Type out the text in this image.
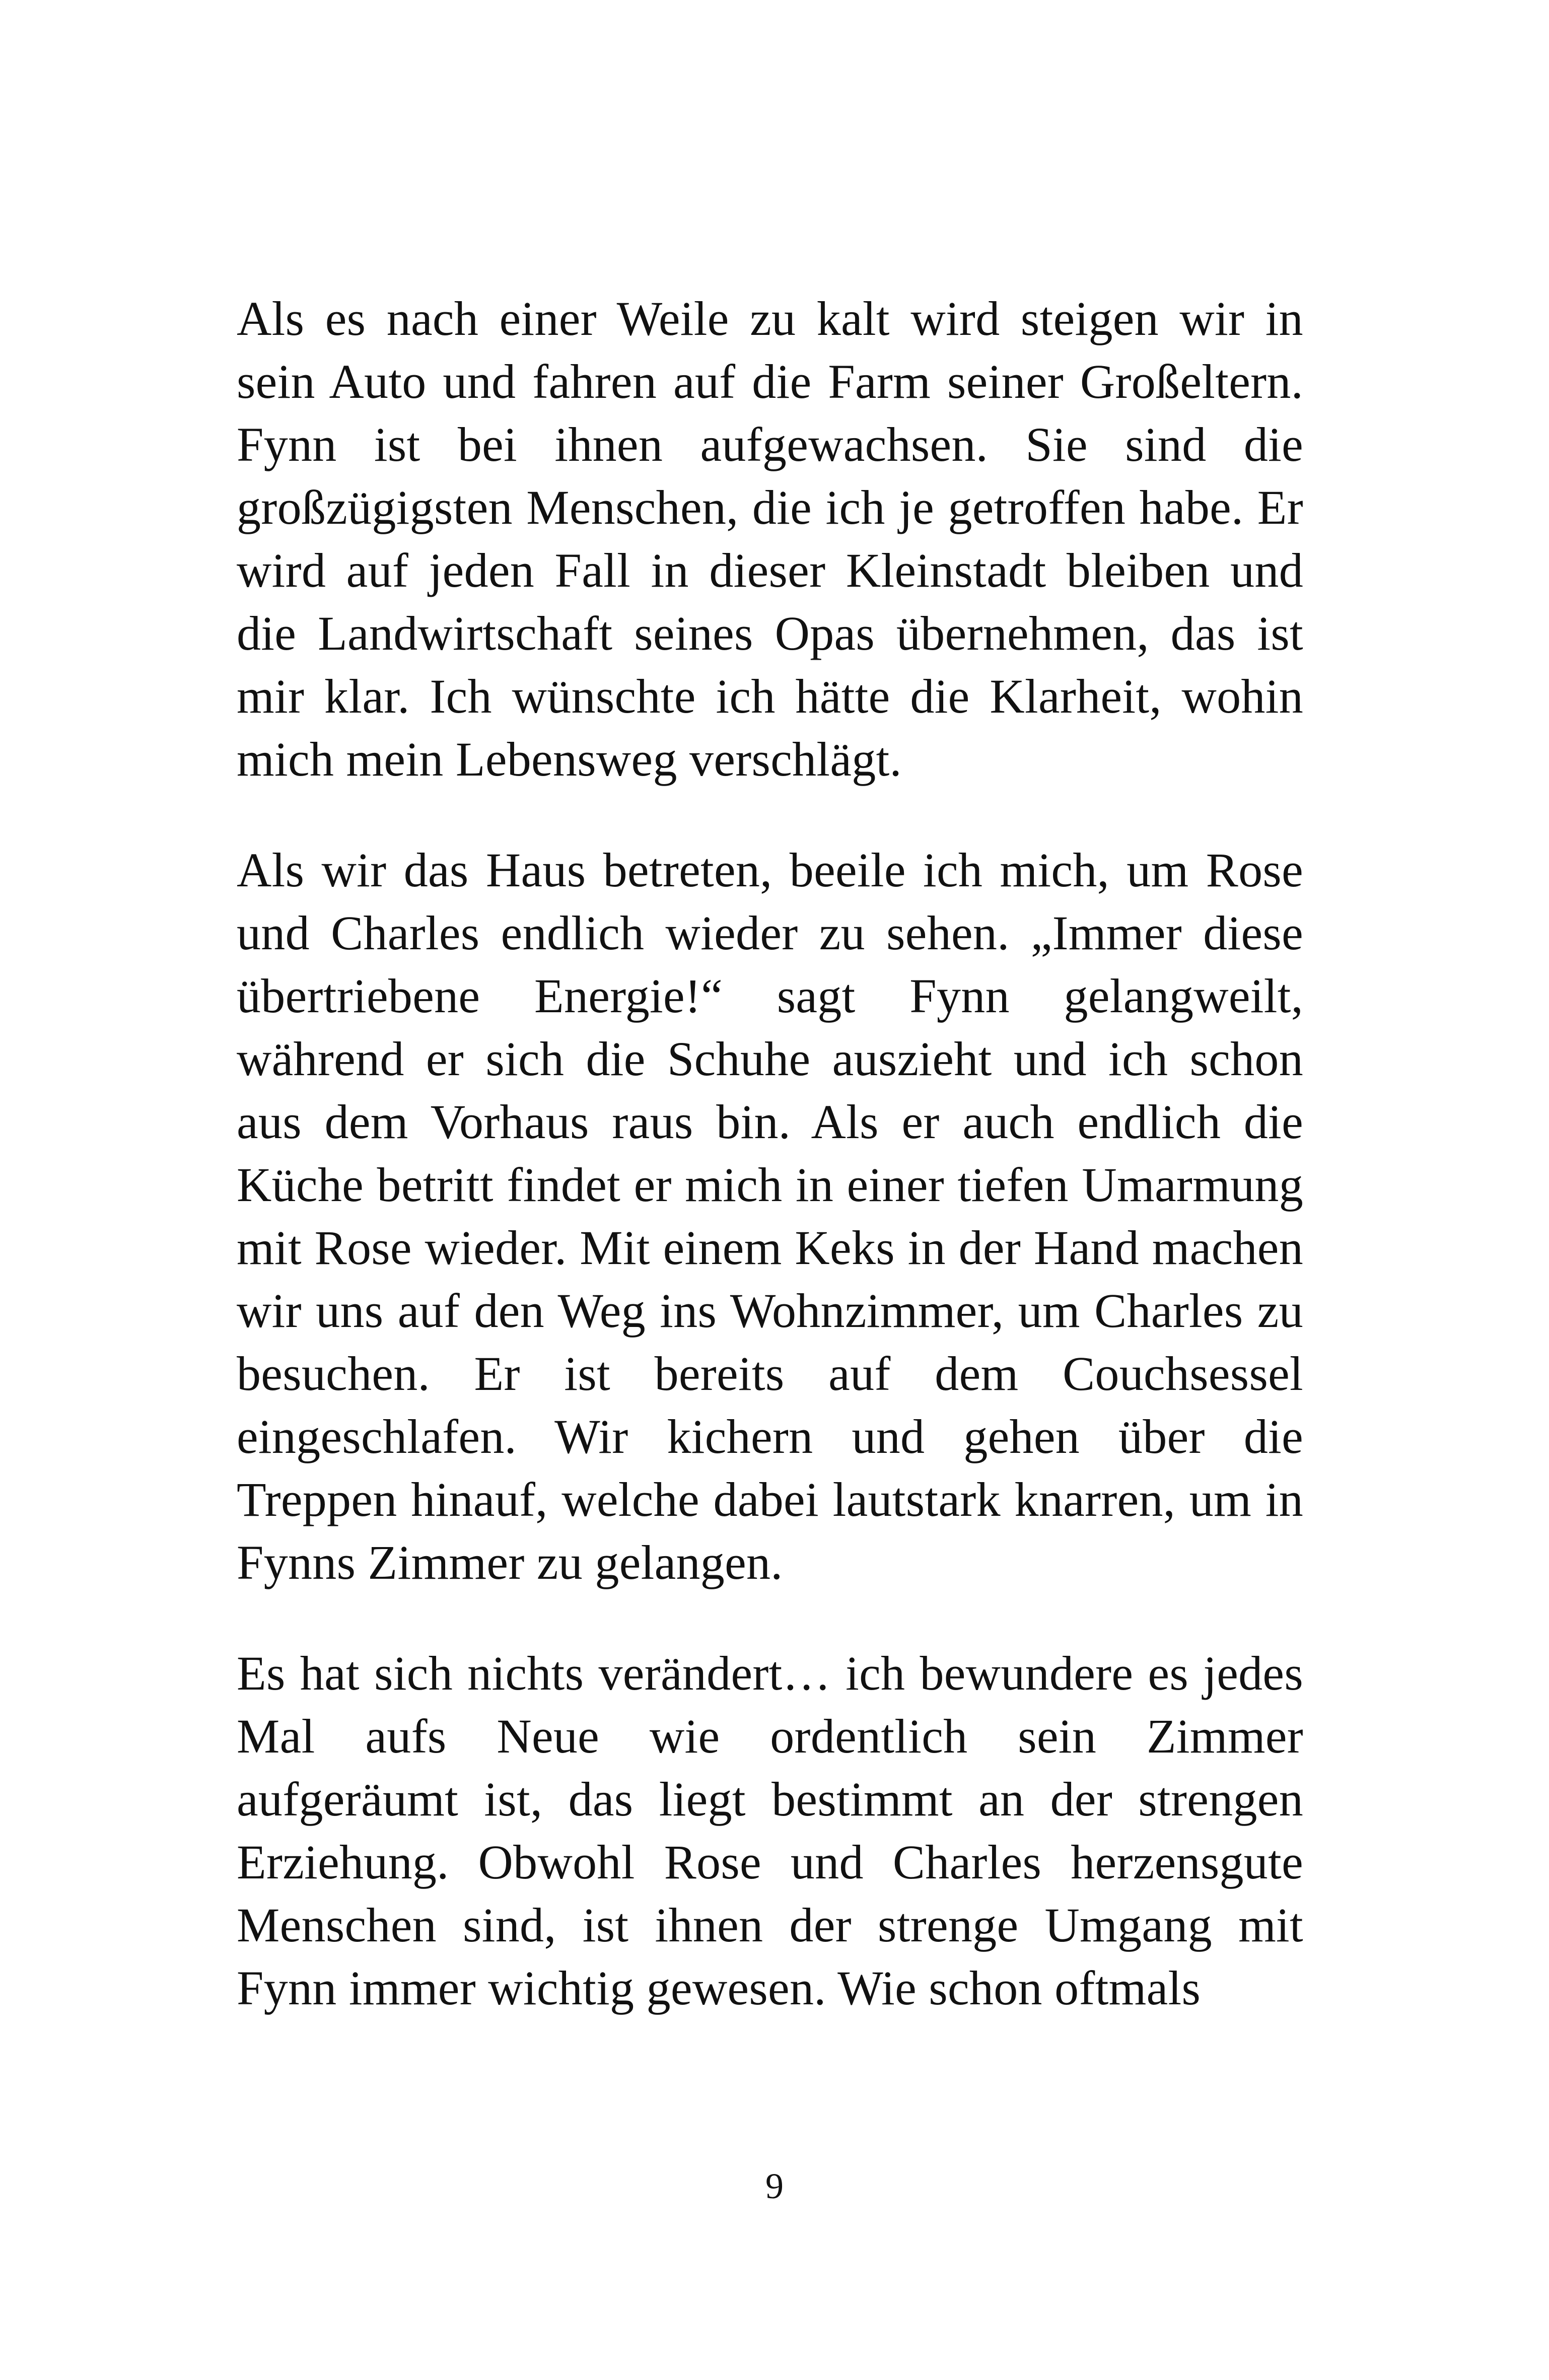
Als es nach einer Weile zu kalt wird steigen wir in sein Auto und fahren auf die Farm seiner Großeltern. Fynn ist bei ihnen aufgewachsen. Sie sind die großzügigsten Menschen, die ich je getroffen habe. Er wird auf jeden Fall in dieser Kleinstadt bleiben und die Landwirtschaft seines Opas übernehmen, das ist mir klar. Ich wünschte ich hätte die Klarheit, wohin mich mein Lebensweg verschlägt.

Als wir das Haus betreten, beeile ich mich, um Rose und Charles endlich wieder zu sehen. „Immer diese übertriebene Energie!“ sagt Fynn gelangweilt, während er sich die Schuhe auszieht und ich schon aus dem Vorhaus raus bin. Als er auch endlich die Küche betritt findet er mich in einer tiefen Umarmung mit Rose wieder. Mit einem Keks in der Hand machen wir uns auf den Weg ins Wohnzimmer, um Charles zu besuchen. Er ist bereits auf dem Couchsessel eingeschlafen. Wir kichern und gehen über die Treppen hinauf, welche dabei lautstark knarren, um in Fynns Zimmer zu gelangen.

Es hat sich nichts verändert… ich bewundere es jedes Mal aufs Neue wie ordentlich sein Zimmer aufgeräumt ist, das liegt bestimmt an der strengen Erziehung. Obwohl Rose und Charles herzensgute Menschen sind, ist ihnen der strenge Umgang mit Fynn immer wichtig gewesen. Wie schon oftmals

9
